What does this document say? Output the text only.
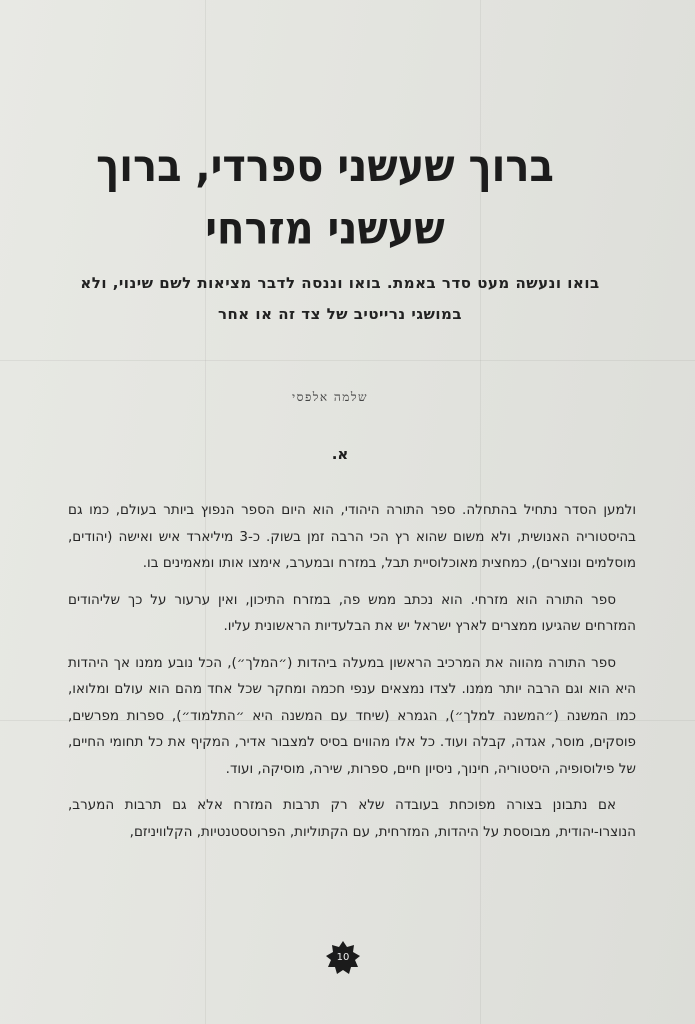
ברוך שעשני ספרדי, ברוך שעשני מזרחי

בואו ונעשה מעט סדר באמת. בואו וננסה לדבר מציאות לשם שינוי, ולא במושגי נרייטיב של צד זה או אחר

שלמה אלפסי
א.

ולמען הסדר נתחיל בהתחלה. ספר התורה היהודי, הוא היום הספר הנפוץ ביותר בעולם, כמו גם בהיסטוריה האנושית, ולא משום שהוא רץ הכי הרבה זמן בשוק. כ-3 מיליארד איש ואישה (יהודים, מוסלמים ונוצרים), כמחצית מאוכלוסיית תבל, במזרח ובמערב, אימצו אותו ומאמינים בו.

ספר התורה הוא מזרחי. הוא נכתב ממש פה, במזרח התיכון, ואין ערעור על כך שליהודים המזרחים שהגיעו ממצרים לארץ ישראל יש את הבלעדיות הראשונית עליו.

ספר התורה מהווה את המרכיב הראשון במעלה ביהדות (״המלך״), הכל נובע ממנו אך היהדות היא הוא וגם הרבה יותר ממנו. לצדו נמצאים ענפי חכמה ומחקר שכל אחד מהם הוא עולם ומלואו, כמו המשנה (״המשנה למלך״), הגמרא (שיחד עם המשנה היא ״התלמוד״), ספרות מפרשים, פוסקים, מוסר, אגדה, קבלה ועוד. כל אלו מהווים בסיס למצבור אדיר, המקיף את כל תחומי החיים, של פילוסופיה, היסטוריה, חינוך, ניסיון חיים, ספרות, שירה, מוסיקה, ועוד.

אם נתבונן בצורה מפוכחת בעובדה שלא רק תרבות המזרח אלא גם תרבות המערב, הנוצרו-יהודית, מבוססת על היהדות, המזרחית, עם הקתוליות, הפרוטסטנטיות, הקלוויניזם,

10
